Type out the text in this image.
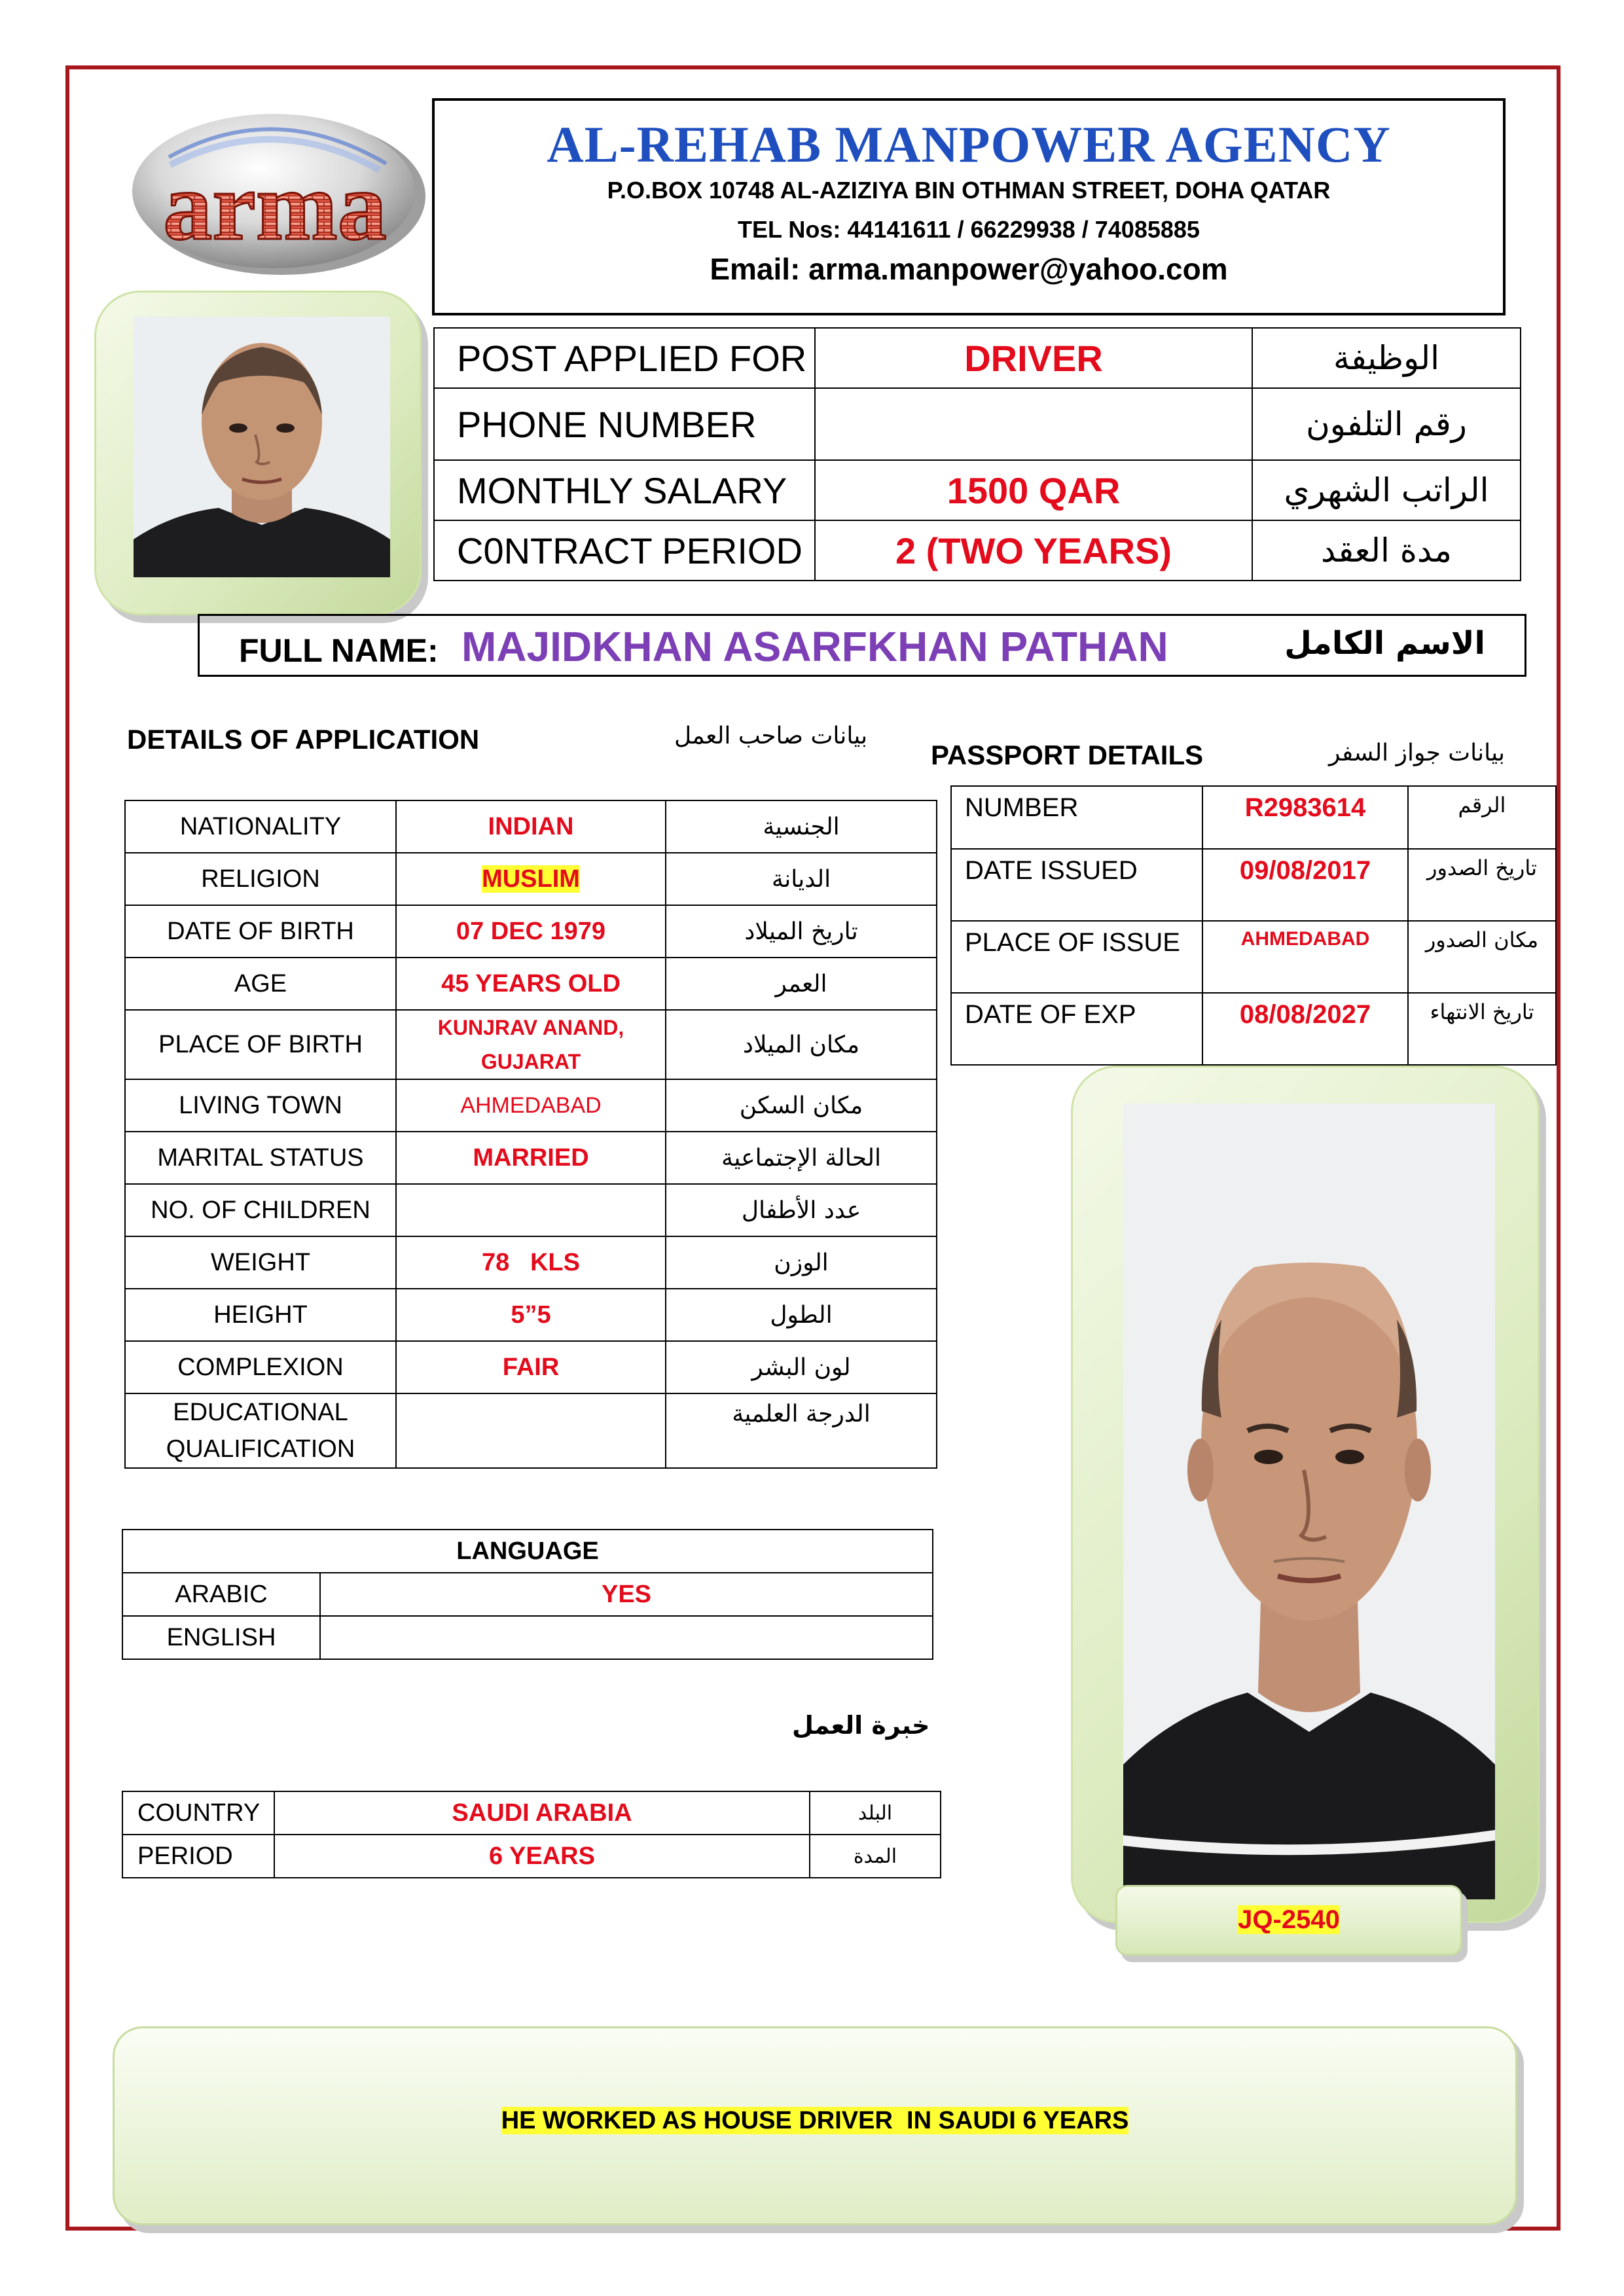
arma
AL-REHAB MANPOWER AGENCY
P.O.BOX 10748 AL-AZIZIYA BIN OTHMAN STREET, DOHA QATAR
TEL Nos: 44141611 / 66229938 / 74085885
Email: arma.manpower@yahoo.com
POST APPLIED FOR	DRIVER	الوظيفة
PHONE NUMBER		رقم التلفون
MONTHLY SALARY	1500 QAR	الراتب الشهري
C0NTRACT PERIOD	2 (TWO YEARS)	مدة العقد
FULL NAME: MAJIDKHAN ASARFKHAN PATHAN	الاسم الكامل
DETAILS OF APPLICATION	بيانات صاحب العمل
PASSPORT DETAILS	بيانات جواز السفر
NATIONALITY	INDIAN	الجنسية
RELIGION	MUSLIM	الديانة
DATE OF BIRTH	07 DEC 1979	تاريخ الميلاد
AGE	45 YEARS OLD	العمر
PLACE OF BIRTH	KUNJRAV ANAND, GUJARAT	مكان الميلاد
LIVING TOWN	AHMEDABAD	مكان السكن
MARITAL STATUS	MARRIED	الحالة الإجتماعية
NO. OF CHILDREN		عدد الأطفال
WEIGHT	78   KLS	الوزن
HEIGHT	5”5	الطول
COMPLEXION	FAIR	لون البشر
EDUCATIONAL QUALIFICATION		الدرجة العلمية
NUMBER	R2983614	الرقم
DATE ISSUED	09/08/2017	تاريخ الصدور
PLACE OF ISSUE	AHMEDABAD	مكان الصدور
DATE OF EXP	08/08/2027	تاريخ الانتهاء
JQ-2540
LANGUAGE	
ARABIC	YES
ENGLISH	
خبرة العمل
COUNTRY	SAUDI ARABIA	البلد
PERIOD	6 YEARS	المدة
HE WORKED AS HOUSE DRIVER  IN SAUDI 6 YEARS
